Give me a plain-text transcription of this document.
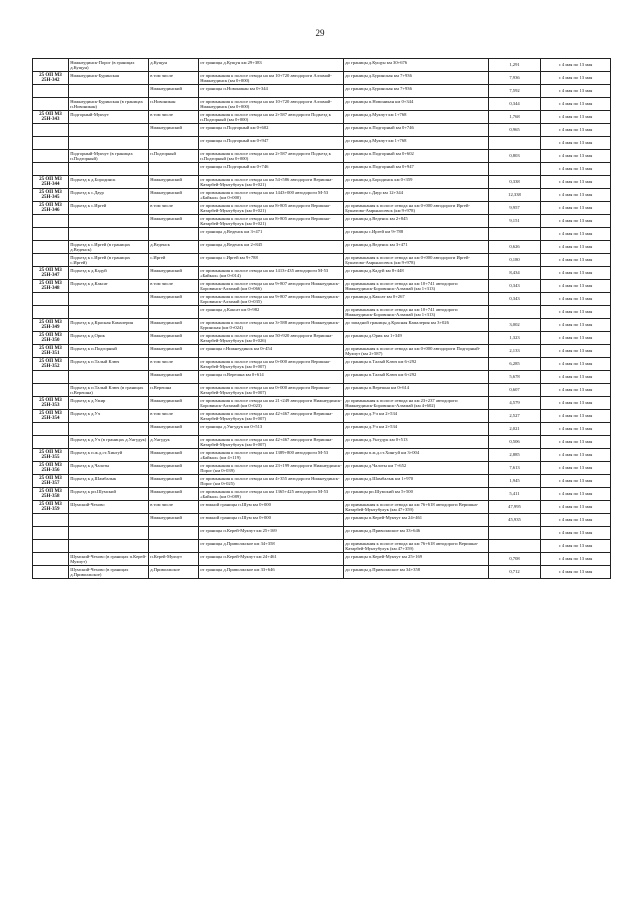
29
	Нижнеудинск-Порог (в границах д.Кущун)	д.Кущун	от границы д.Кущун км 29+383	до границы д.Кущун км 30+676	1,291	с 4 мая по 13 мая
25 ОП МЗ 25Н-342	Нижнеудинск-Буринская	в том числе	от примыкания к полосе отвода на км 10+720 автодороги Алзамай-Нижнеудинск (км 0+000)	до границы д.Буринская км 7+936	7,936	с 4 мая по 13 мая
		Нижнеудинский	от границы п.Новоникан км 0+344	до границы д.Буринская км 7+936	7,592	с 4 мая по 13 мая
	Нижнеудинск-Буринская (в границах п.Новоникан)	п.Новоникан	от примыкания к полосе отвода на км 10+720 автодороги Алзамай-Нижнеудинск (км 0+000)	до границы п.Новоникан км 0+344	0,344	с 4 мая по 13 мая
25 ОП МЗ 25Н-343	Подгорный-Мукчут	в том числе	от примыкания к полосе отвода на км 2+587 автодороги Подъезд к п.Подгорный (км 0+000)	до границы д.Мукчут км 1+768	1,768	с 4 мая по 13 мая
		Нижнеудинский	от границы п.Подгорный км 0+602	до границы п.Подгорный км 0+746	0,965	с 4 мая по 13 мая
			от границы п.Подгорный км 0+947	до границы д.Мукчут км 1+768		с 4 мая по 13 мая
	Подгорный-Мукчут (в границах п.Подгорный)	п.Подгорный	от примыкания к полосе отвода на км 2+587 автодороги Подъезд к п.Подгорный (км 0+000)	до границы п.Подгорный км 0+602	0,803	с 4 мая по 13 мая
			от границы п.Подгорный км 0+746	до границы п.Подгорный км 0+947		с 4 мая по 13 мая
25 ОП МЗ 25Н-344	Подъезд к д.Бородинск	Нижнеудинский	от примыкания к полосе отвода на км 54+586 автодороги Веришна-Катарбей-Мунтубулук (км 0+021)	до границы д.Бородинск км 0+359	0,338	с 4 мая по 13 мая
25 ОП МЗ 25Н-345	Подъезд к с.Даур	Нижнеудинский	от примыкания к полосе отвода на км 1443+000 автодороги М-53 «Байкал» (км 0+000)	до границы с.Даур км 12+344	12,338	с 4 мая по 13 мая
25 ОП МЗ 25Н-346	Подъезд к с.Иргей	в том числе	от примыкания к полосе отвода на км 8+805 автодороги Веришна-Катарбей-Мунтубулук (км 0+021)	до примыкания к полосе отвода на км 0+000 автодороги Иргей-Бушатово-Амрыносевск (км 9+978)	9,957	с 4 мая по 13 мая
		Нижнеудинский	от примыкания к полосе отвода на км 8+805 автодороги Веришна-Катарбей-Мунтубулук (км 0+021)	до границы д.Веденск км 2+845	9,151	с 4 мая по 13 мая
			от границы д.Веденск км 3+471	до границы с.Иргей км 9+788		с 4 мая по 13 мая
	Подъезд к с.Иргей (в границах д.Веденск)	д.Веденск	от границы д.Веденск км 2+845	до границы д.Веденск км 3+471	0,626	с 4 мая по 13 мая
	Подъезд к с.Иргей (в границах с.Иргей)	с.Иргей	от границы с.Иргей км 9+788	до примыкания к полосе отвода на км 0+000 автодороги Иргей-Бушатово-Амрыносевск (км 9+978)	0,180	с 4 мая по 13 мая
25 ОП МЗ 25Н-347	Подъезд к д.Кадуй	Нижнеудинский	от примыкания к полосе отвода на км 1413+435 автодороги М-53 «Байкал» (км 0+014)	до границы д.Кадуй км 8+448	8,434	с 4 мая по 13 мая
25 ОП МЗ 25Н-348	Подъезд к д.Каксат	в том числе	от примыкания к полосе отвода на км 9+807 автодороги Нижнеудинск-Боровинск-Алзамай (км 0+066)	до примыкания к полосе отвода на км 10+741 автодороги Нижнеудинск-Боровинск-Алзамай (км 1+313)	0,343	с 4 мая по 13 мая
		Нижнеудинский	от примыкания к полосе отвода на км 9+807 автодороги Нижнеудинск-Боровинск-Алзамай (км 0+035)	до границы д.Каксат км 0+267	0,343	с 4 мая по 13 мая
			от границы д.Каксат км 0+982	до примыкания к полосе отвода на км 10+741 автодороги Нижнеудинск-Боровинск-Алзамай (км 1+313)		с 4 мая по 13 мая
25 ОП МЗ 25Н-349	Подъезд к д.Красная Камалерия	Нижнеудинский	от примыкания к полосе отвода на км 3+588 автодороги Нижнеудинск-Буринская (км 0+024)	до западной границы д.Красная Камалерия км 3+026	3,002	с 4 мая по 13 мая
25 ОП МЗ 25Н-350	Подъезд к д.Орик	Нижнеудинский	от примыкания к полосе отвода на км 50+920 автодороги Веришна-Катарбей-Мунтубулук (км 0+026)	до границы д.Орик км 1+349	1,323	с 4 мая по 13 мая
25 ОП МЗ 25Н-351	Подъезд к п.Подгорный	Нижнеудинский	от границы г.Нижнеудинск км 0+454	до примыкания к полосе отвода на км 0+000 автодороги Подгорный-Мукчут (км 2+587)	2,133	с 4 мая по 13 мая
25 ОП МЗ 25Н-352	Подъезд к п.Талый Ключ	в том числе	от примыкания к полосе отвода на км 0+000 автодороги Веришна-Катарбей-Мунтубулук (км 0+007)	до границы п.Талый Ключ км 6+292	6,285	с 4 мая по 13 мая
		Нижнеудинский	от границы п.Верешна км 0+614	до границы п.Талый Ключ км 6+292	5,678	с 4 мая по 13 мая
	Подъезд к п.Талый Ключ (в границах п.Верешна)	п.Верешна	от примыкания к полосе отвода на км 0+000 автодороги Веришна-Катарбей-Мунтубулук (км 0+007)	до границы п.Верешна км 0+614	0,607	с 4 мая по 13 мая
25 ОП МЗ 25Н-353	Подъезд к д.Ужир	Нижнеудинский	от примыкания к полосе отвода на км 21+249 автодороги Нижнеудинск-Боровинск-Алзамай (км 0+023)	до примыкания к полосе отвода на км 23+237 автодороги Нижнеудинск-Боровинск-Алзамай (км 4+602)	4,579	с 4 мая по 13 мая
25 ОП МЗ 25Н-354	Подъезд к д.Уч	в том числе	от примыкания к полосе отвода на км 42+467 автодороги Веришна-Катарбей-Мунтубулук (км 0+007)	до границы д.Уч км 2+534	2,527	с 4 мая по 13 мая
		Нижнеудинский	от границы д.Унгудук км 0+513	до границы д.Уч км 2+534	2,021	с 4 мая по 13 мая
	Подъезд к д.Уч (в границах д.Унгудук)	д.Унгудук	от примыкания к полосе отвода на км 42+467 автодороги Веришна-Катарбей-Мунтубулук (км 0+007)	до границы д.Унгудук км 0+513	0,506	с 4 мая по 13 мая
25 ОП МЗ 25Н-355	Подъезд к п.ж.д.ст.Хингуй	Нижнеудинский	от примыкания к полосе отвода на км 1389+800 автодороги М-53 «Байкал» (км 4+119)	до границы п.ж.д.ст.Хингуй км 3+004	2,885	с 4 мая по 13 мая
25 ОП МЗ 25Н-356	Подъезд к д.Чалоты	Нижнеудинский	от примыкания к полосе отвода на км 23+199 автодороги Нижнеудинск-Порог (км 0+039)	до границы д.Чалоты км 7+652	7,613	с 4 мая по 13 мая
25 ОП МЗ 25Н-357	Подъезд к д.Шамбалык	Нижнеудинский	от примыкания к полосе отвода на км 4+355 автодороги Нижнеудинск-Порог (км 0+025)	до границы д.Шамбалык км 1+970	1,945	с 4 мая по 13 мая
25 ОП МЗ 25Н-358	Подъезд к рп.Шумский	Нижнеудинский	от примыкания к полосе отвода на км 1365+425 автодороги М-53 «Байкал» (км 0+089)	до границы рп.Шумский км 5+500	5,411	с 4 мая по 13 мая
25 ОП МЗ 25Н-359	Шумский-Чехово	в том числе	от южной границы п.Шум км 0+000	до примыкания к полосе отвода на км 76+618 автодороги Веришна-Катарбей-Мунтубулук (км 47+359)	47,995	с 4 мая по 13 мая
		Нижнеудинский	от южной границы п.Шум км 0+000	до границы п.Керей-Мукчут км 24+461	45,935	с 4 мая по 13 мая
			от границы п.Керей-Мукчут км 25+169	до границы д.Приволжское км 33+646		с 4 мая по 13 мая
			от границы д.Приволжское км 34+358	до примыкания к полосе отвода на км 76+618 автодороги Веришна-Катарбей-Мунтубулук (км 47+359)		с 4 мая по 13 мая
	Шумский-Чехово (в границах п.Керей-Мукчут)	п.Керей-Мукчут	от границы п.Керей-Мукчут км 24+461	до границы п.Керей-Мукчут км 25+169	0,708	с 4 мая по 13 мая
	Шумский-Чехово (в границах д.Приволжское)	д.Приволжское	от границы д.Приволжское км 33+646	до границы д.Приволжское км 34+358	0,712	с 4 мая по 13 мая
